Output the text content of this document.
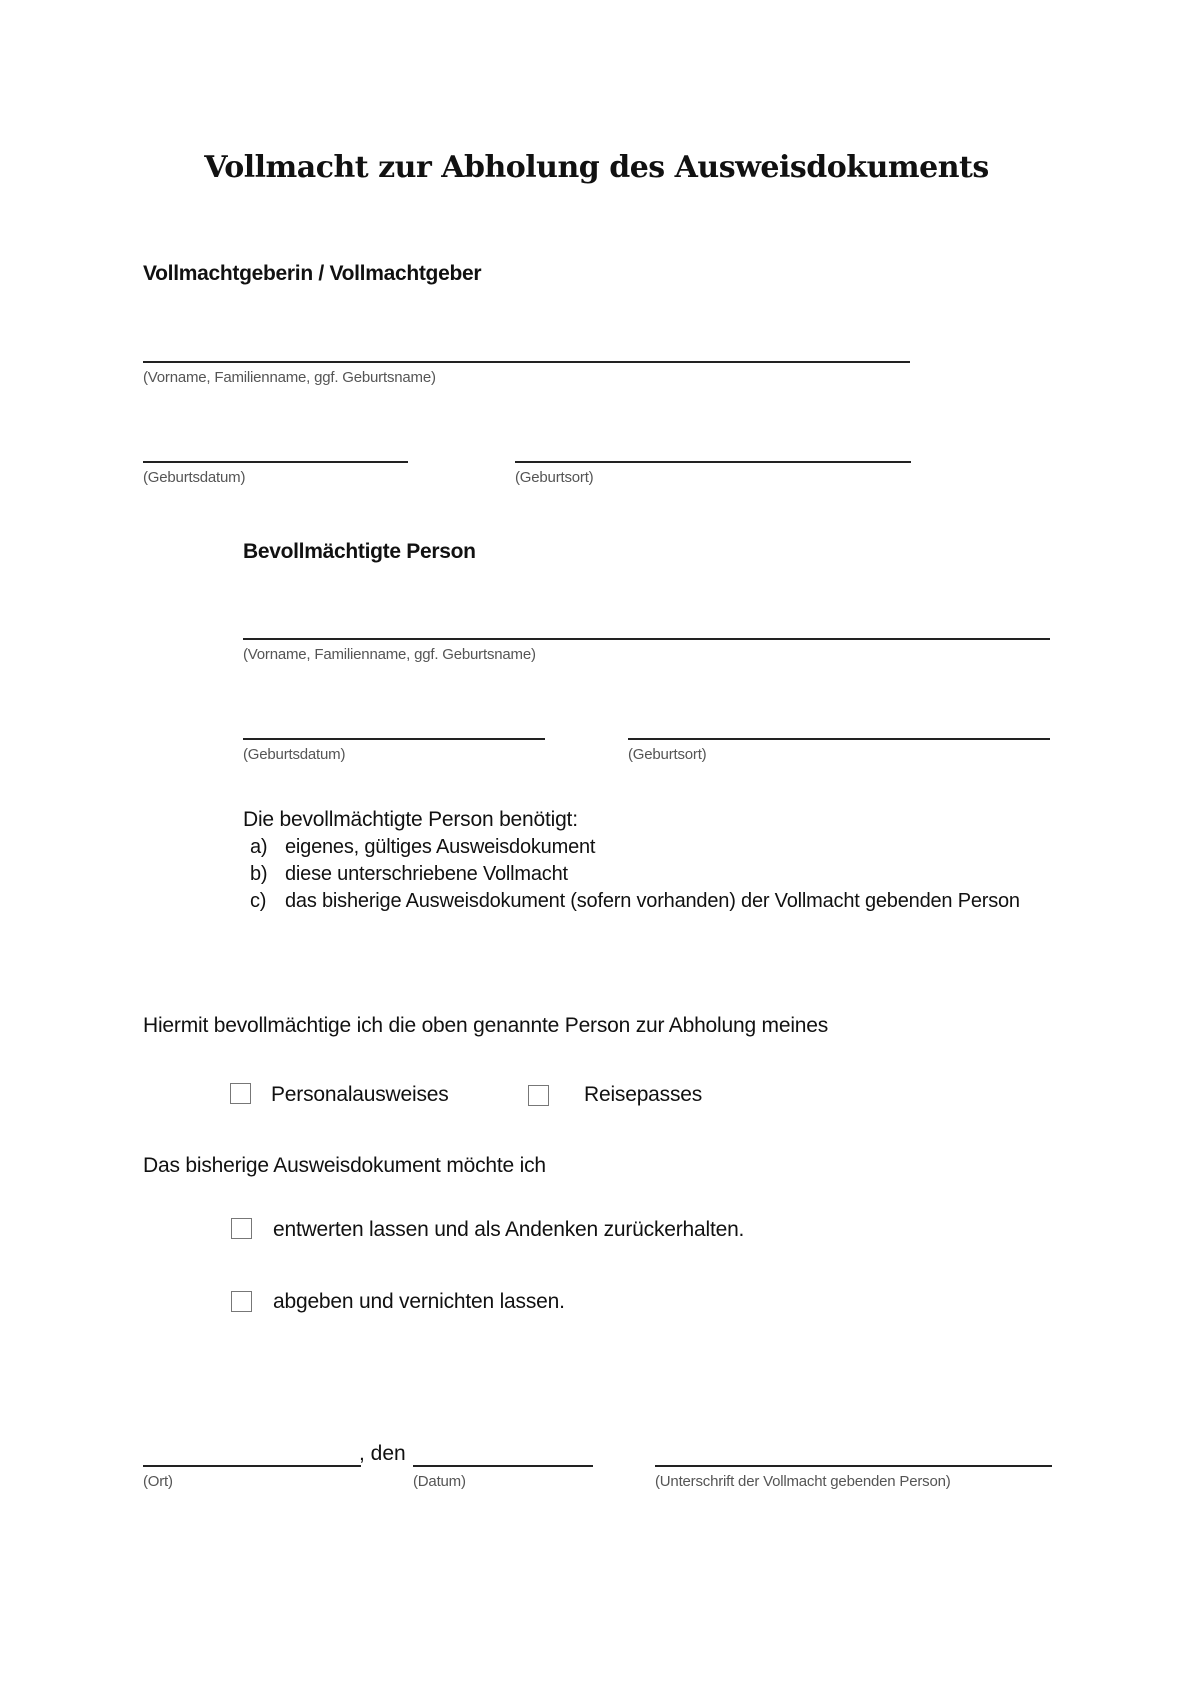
Vollmacht zur Abholung des Ausweisdokuments
Vollmachtgeberin / Vollmachtgeber
(Vorname, Familienname, ggf. Geburtsname)
(Geburtsdatum)	(Geburtsort)
Bevollmächtigte Person
(Vorname, Familienname, ggf. Geburtsname)
(Geburtsdatum)	(Geburtsort)
Die bevollmächtigte Person benötigt:
a) eigenes, gültiges Ausweisdokument
b) diese unterschriebene Vollmacht
c) das bisherige Ausweisdokument (sofern vorhanden) der Vollmacht gebenden Person
Hiermit bevollmächtige ich die oben genannte Person zur Abholung meines
Personalausweises	Reisepasses
Das bisherige Ausweisdokument möchte ich
entwerten lassen und als Andenken zurückerhalten.
abgeben und vernichten lassen.
, den
(Ort)	(Datum)	(Unterschrift der Vollmacht gebenden Person)
